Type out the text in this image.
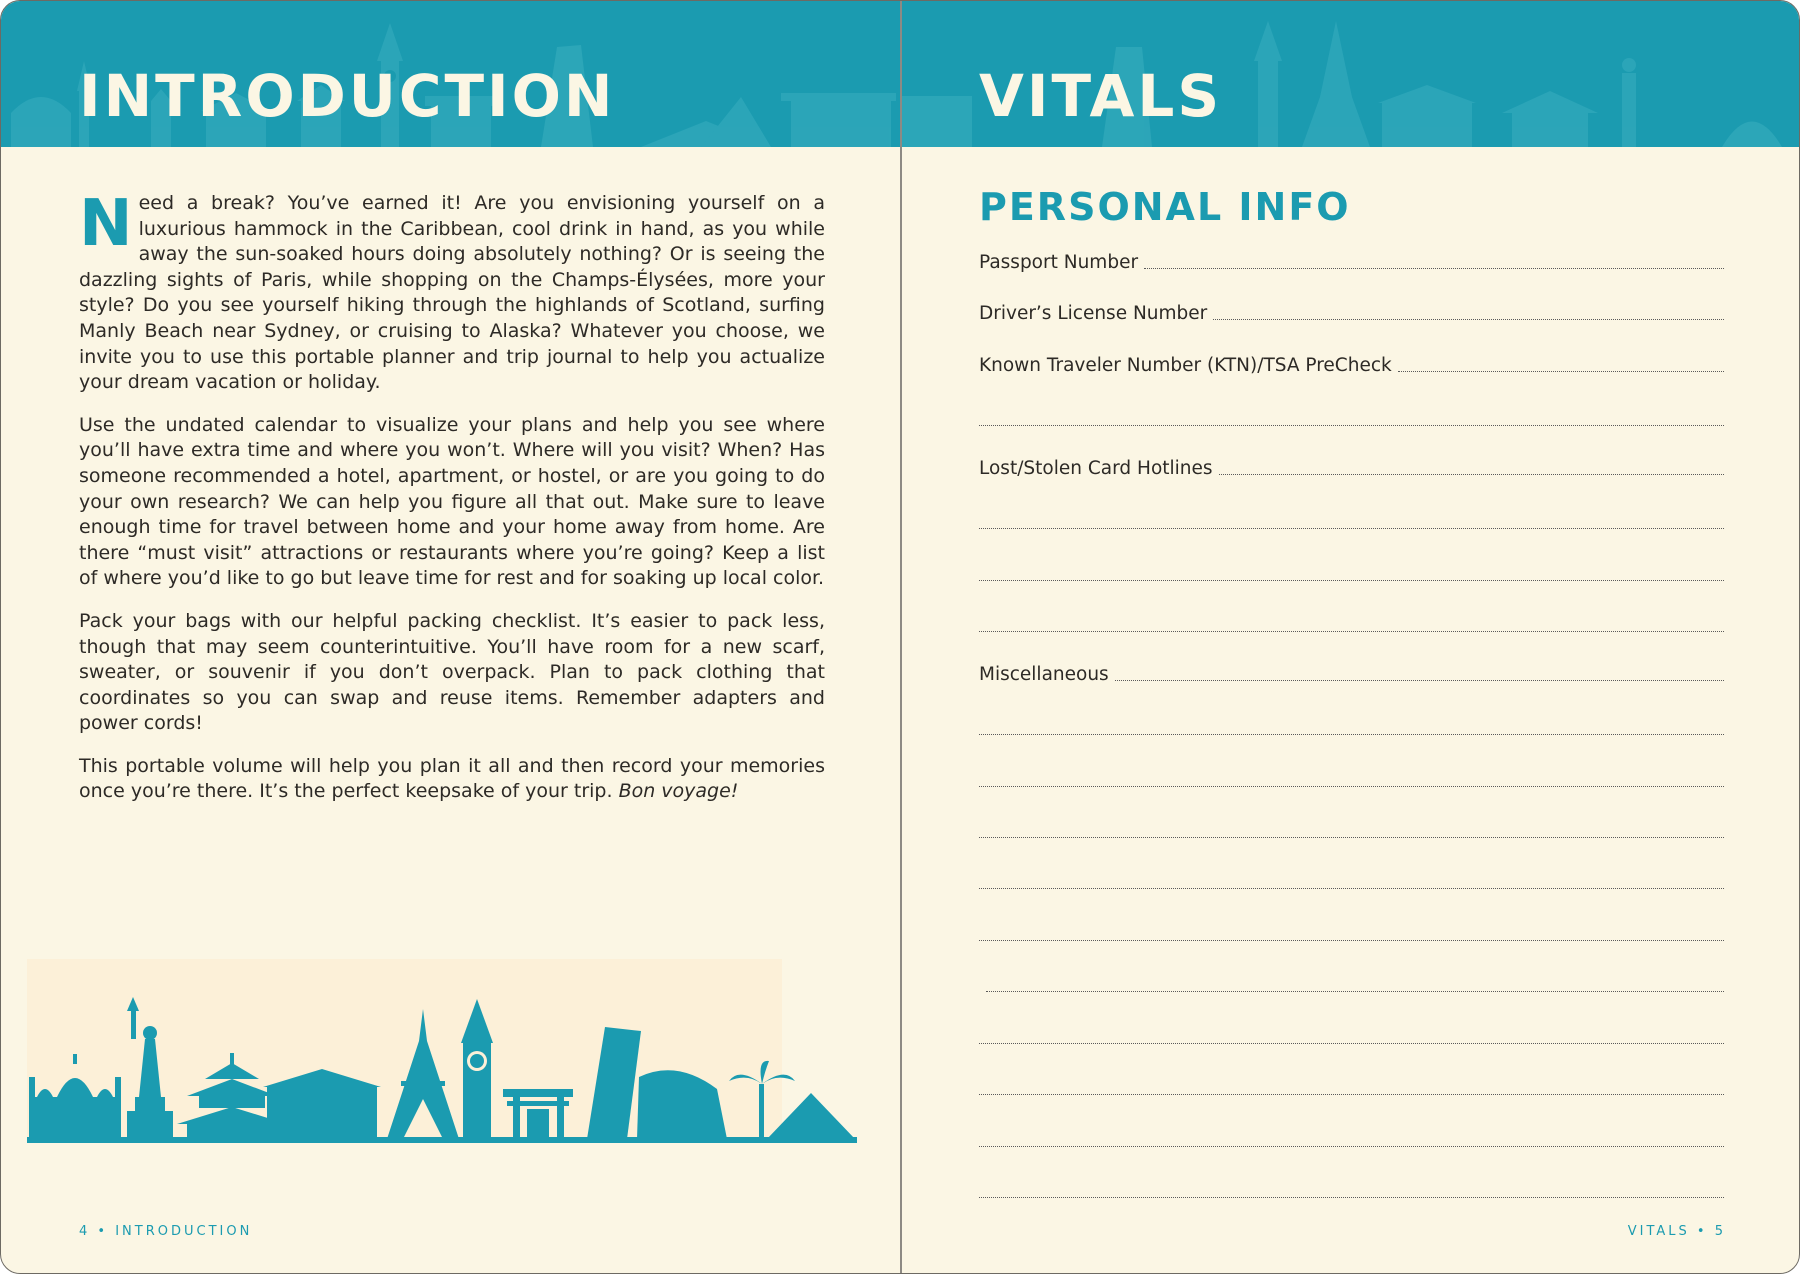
INTRODUCTION

Need a break? You’ve earned it! Are you envisioning yourself on a luxurious hammock in the Caribbean, cool drink in hand, as you while away the sun-soaked hours doing absolutely nothing? Or is seeing the dazzling sights of Paris, while shopping on the Champs-Élysées, more your style? Do you see yourself hiking through the highlands of Scotland, surfing Manly Beach near Sydney, or cruising to Alaska? Whatever you choose, we invite you to use this portable planner and trip journal to help you actualize your dream vacation or holiday.

Use the undated calendar to visualize your plans and help you see where you’ll have extra time and where you won’t. Where will you visit? When? Has someone recommended a hotel, apartment, or hostel, or are you going to do your own research? We can help you figure all that out. Make sure to leave enough time for travel between home and your home away from home. Are there “must visit” attractions or restaurants where you’re going? Keep a list of where you’d like to go but leave time for rest and for soaking up local color.

Pack your bags with our helpful packing checklist. It’s easier to pack less, though that may seem counterintuitive. You’ll have room for a new scarf, sweater, or souvenir if you don’t overpack. Plan to pack clothing that coordinates so you can swap and reuse items. Remember adapters and power cords!

This portable volume will help you plan it all and then record your memories once you’re there. It’s the perfect keepsake of your trip. Bon voyage!

4 • INTRODUCTION
VITALS
PERSONAL INFO
Passport Number
Driver’s License Number
Known Traveler Number (KTN)/TSA PreCheck
Lost/Stolen Card Hotlines
Miscellaneous
VITALS • 5
